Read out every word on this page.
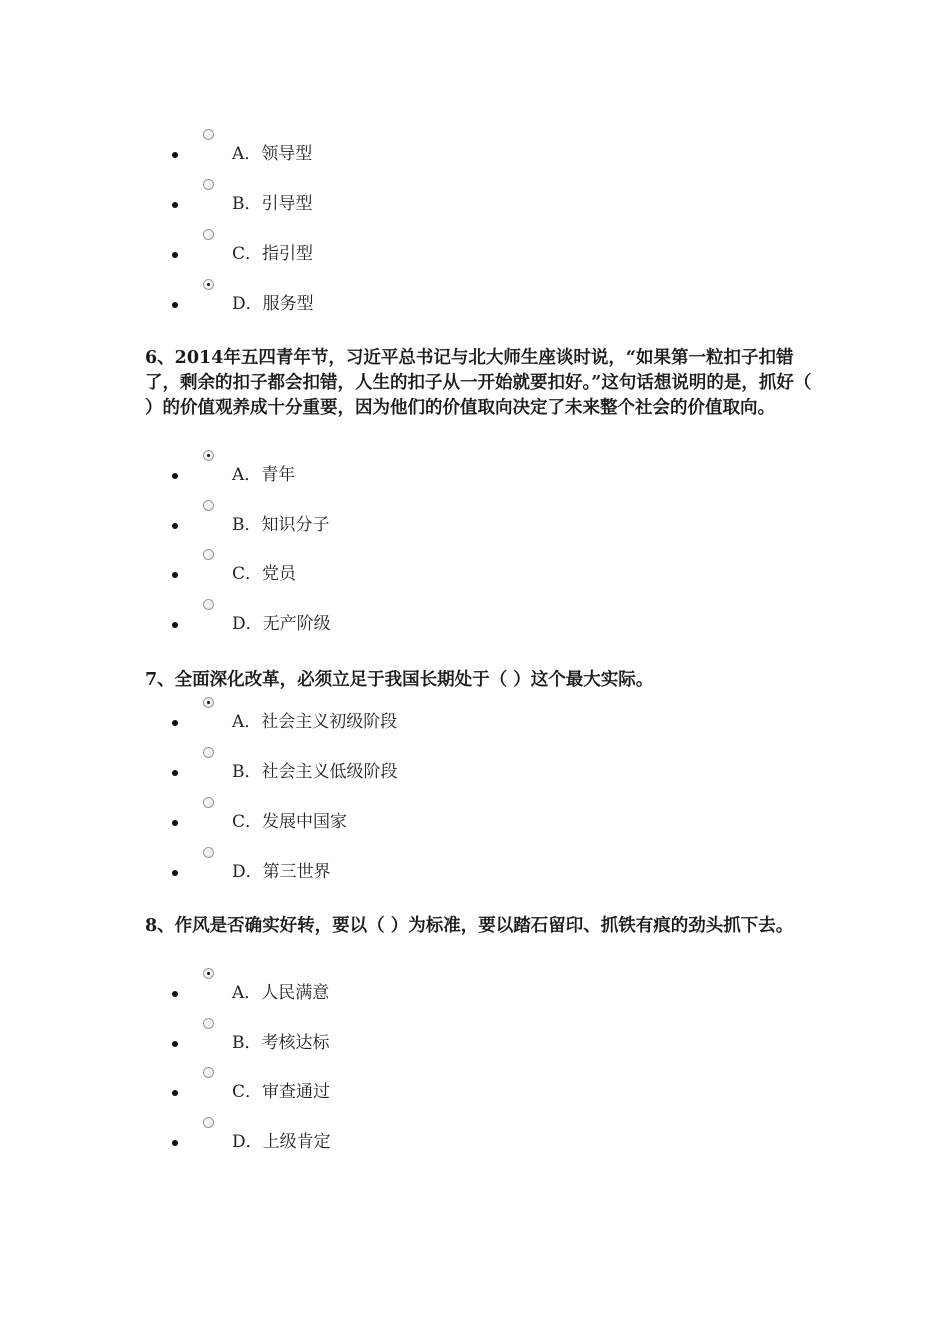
A．领导型
B．引导型
C．指引型
D．服务型
6、2014年五四青年节，习近平总书记与北大师生座谈时说，“如果第一粒扣子扣错了，剩余的扣子都会扣错，人生的扣子从一开始就要扣好。”这句话想说明的是，抓好（ ）的价值观养成十分重要，因为他们的价值取向决定了未来整个社会的价值取向。
A．青年
B．知识分子
C．党员
D．无产阶级
7、全面深化改革，必须立足于我国长期处于（ ）这个最大实际。
A．社会主义初级阶段
B．社会主义低级阶段
C．发展中国家
D．第三世界
8、作风是否确实好转，要以（ ）为标准，要以踏石留印、抓铁有痕的劲头抓下去。
A．人民满意
B．考核达标
C．审查通过
D．上级肯定
